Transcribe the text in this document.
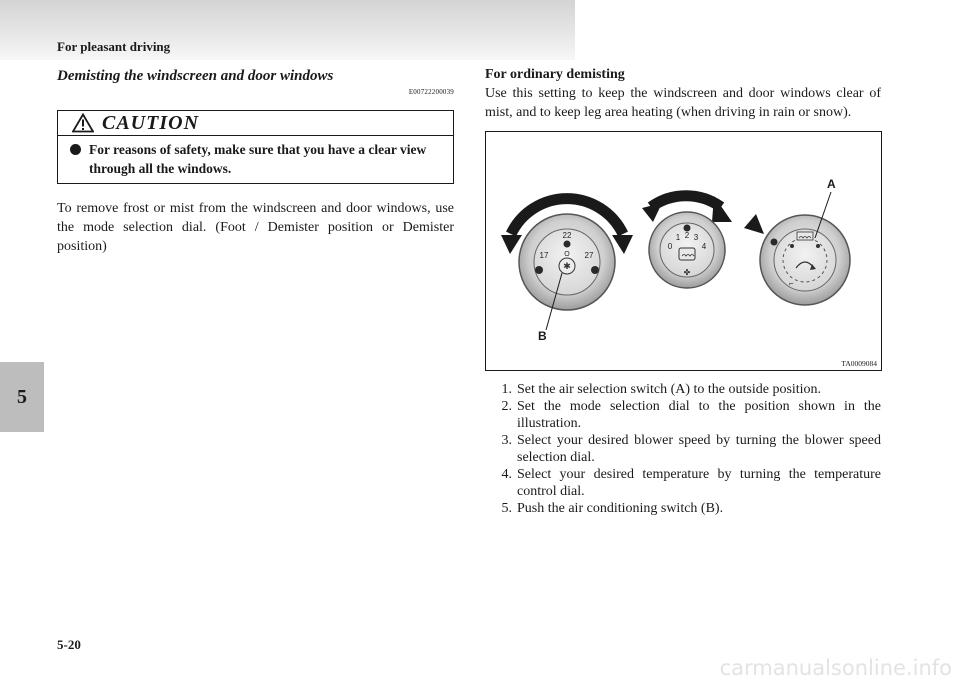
For pleasant driving
5
Demisting the windscreen and door windows
E00722200039
CAUTION
For reasons of safety, make sure that you have a clear view through all the windows.
To remove frost or mist from the windscreen and door windows, use the mode selection dial. (Foot / Demister position or Demister position)
For ordinary demisting
Use this setting to keep the windscreen and door windows clear of mist, and to keep leg area heating (when driving in rain or snow).
22
17	27
O
✱
B
0
1 2 3
4
✤
⌐
A
TA0009084
1. Set the air selection switch (A) to the outside position.
2. Set the mode selection dial to the position shown in the illustration.
3. Select your desired blower speed by turning the blower speed selection dial.
4. Select your desired temperature by turning the temperature control dial.
5. Push the air conditioning switch (B).
5-20
carmanualsonline.info
